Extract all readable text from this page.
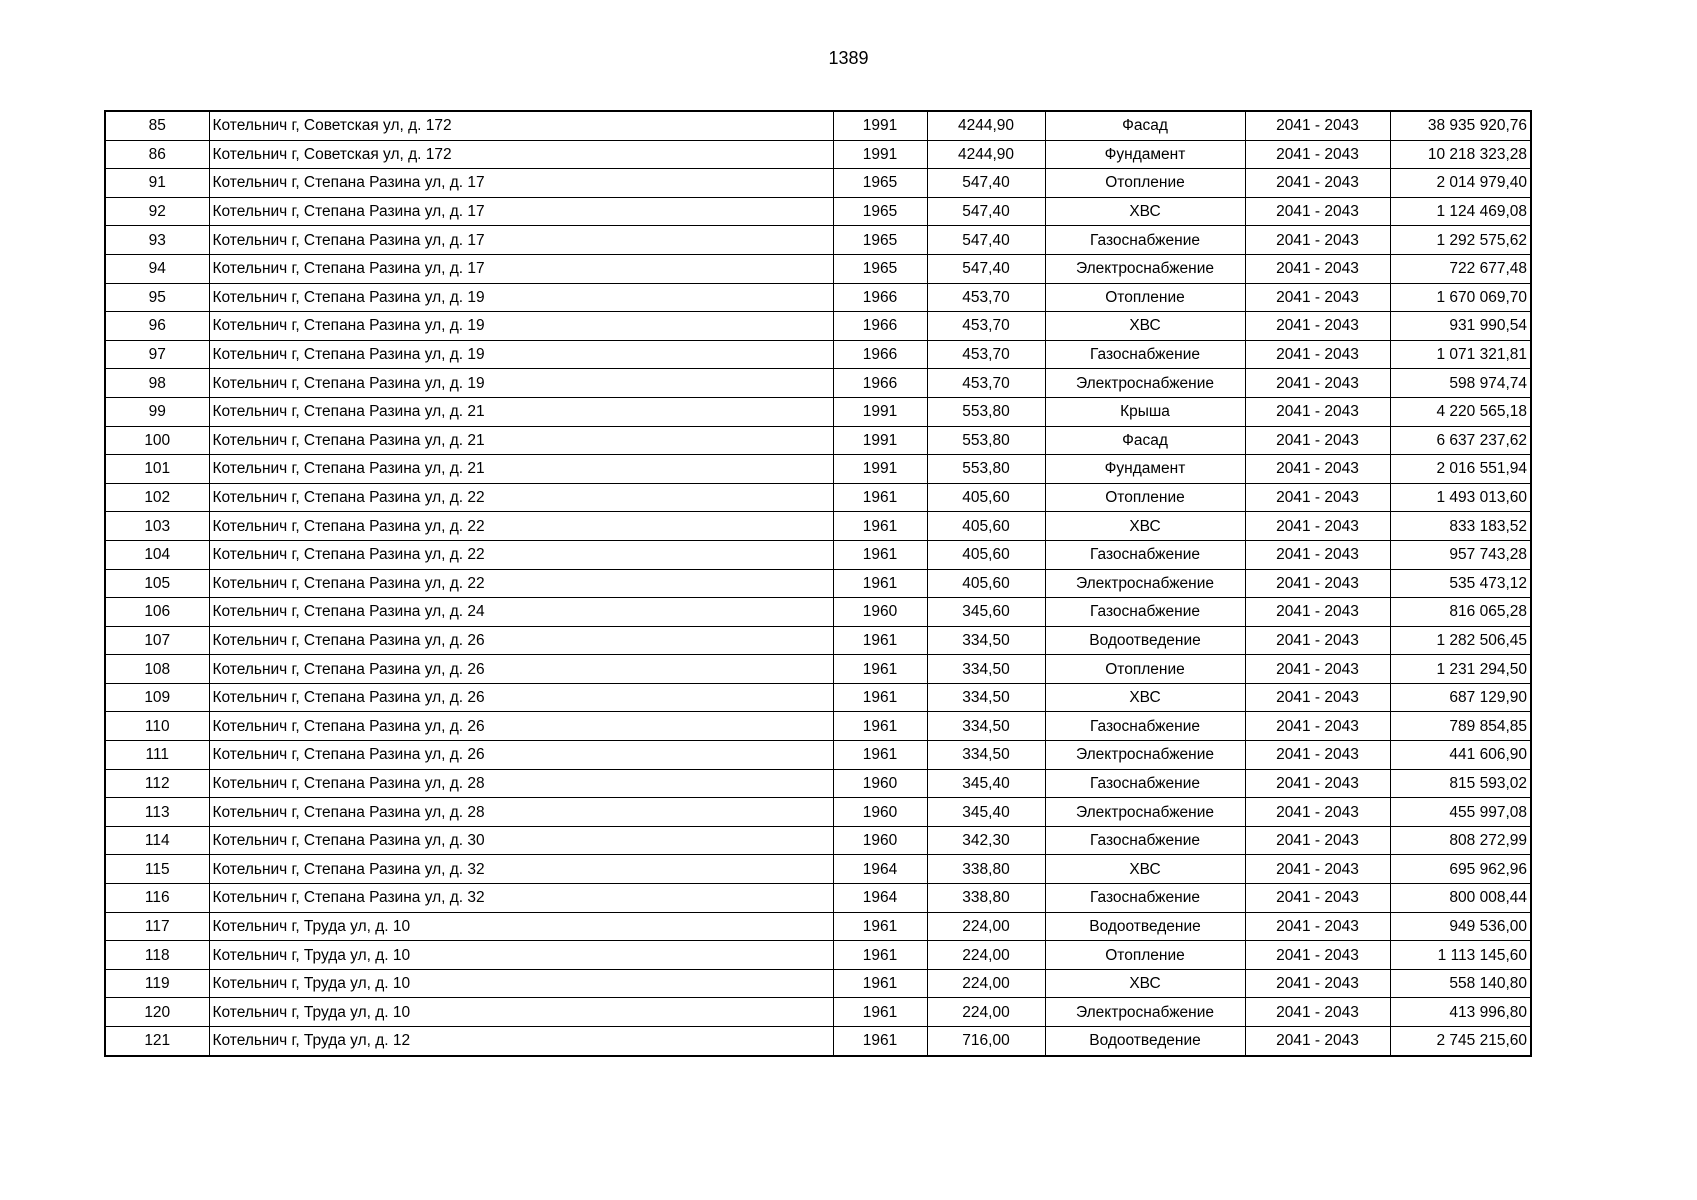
1389
85	Котельнич г, Советская ул, д. 172	1991	4244,90	Фасад	2041 - 2043	38 935 920,76
86	Котельнич г, Советская ул, д. 172	1991	4244,90	Фундамент	2041 - 2043	10 218 323,28
91	Котельнич г, Степана Разина ул, д. 17	1965	547,40	Отопление	2041 - 2043	2 014 979,40
92	Котельнич г, Степана Разина ул, д. 17	1965	547,40	ХВС	2041 - 2043	1 124 469,08
93	Котельнич г, Степана Разина ул, д. 17	1965	547,40	Газоснабжение	2041 - 2043	1 292 575,62
94	Котельнич г, Степана Разина ул, д. 17	1965	547,40	Электроснабжение	2041 - 2043	722 677,48
95	Котельнич г, Степана Разина ул, д. 19	1966	453,70	Отопление	2041 - 2043	1 670 069,70
96	Котельнич г, Степана Разина ул, д. 19	1966	453,70	ХВС	2041 - 2043	931 990,54
97	Котельнич г, Степана Разина ул, д. 19	1966	453,70	Газоснабжение	2041 - 2043	1 071 321,81
98	Котельнич г, Степана Разина ул, д. 19	1966	453,70	Электроснабжение	2041 - 2043	598 974,74
99	Котельнич г, Степана Разина ул, д. 21	1991	553,80	Крыша	2041 - 2043	4 220 565,18
100	Котельнич г, Степана Разина ул, д. 21	1991	553,80	Фасад	2041 - 2043	6 637 237,62
101	Котельнич г, Степана Разина ул, д. 21	1991	553,80	Фундамент	2041 - 2043	2 016 551,94
102	Котельнич г, Степана Разина ул, д. 22	1961	405,60	Отопление	2041 - 2043	1 493 013,60
103	Котельнич г, Степана Разина ул, д. 22	1961	405,60	ХВС	2041 - 2043	833 183,52
104	Котельнич г, Степана Разина ул, д. 22	1961	405,60	Газоснабжение	2041 - 2043	957 743,28
105	Котельнич г, Степана Разина ул, д. 22	1961	405,60	Электроснабжение	2041 - 2043	535 473,12
106	Котельнич г, Степана Разина ул, д. 24	1960	345,60	Газоснабжение	2041 - 2043	816 065,28
107	Котельнич г, Степана Разина ул, д. 26	1961	334,50	Водоотведение	2041 - 2043	1 282 506,45
108	Котельнич г, Степана Разина ул, д. 26	1961	334,50	Отопление	2041 - 2043	1 231 294,50
109	Котельнич г, Степана Разина ул, д. 26	1961	334,50	ХВС	2041 - 2043	687 129,90
110	Котельнич г, Степана Разина ул, д. 26	1961	334,50	Газоснабжение	2041 - 2043	789 854,85
111	Котельнич г, Степана Разина ул, д. 26	1961	334,50	Электроснабжение	2041 - 2043	441 606,90
112	Котельнич г, Степана Разина ул, д. 28	1960	345,40	Газоснабжение	2041 - 2043	815 593,02
113	Котельнич г, Степана Разина ул, д. 28	1960	345,40	Электроснабжение	2041 - 2043	455 997,08
114	Котельнич г, Степана Разина ул, д. 30	1960	342,30	Газоснабжение	2041 - 2043	808 272,99
115	Котельнич г, Степана Разина ул, д. 32	1964	338,80	ХВС	2041 - 2043	695 962,96
116	Котельнич г, Степана Разина ул, д. 32	1964	338,80	Газоснабжение	2041 - 2043	800 008,44
117	Котельнич г, Труда ул, д. 10	1961	224,00	Водоотведение	2041 - 2043	949 536,00
118	Котельнич г, Труда ул, д. 10	1961	224,00	Отопление	2041 - 2043	1 113 145,60
119	Котельнич г, Труда ул, д. 10	1961	224,00	ХВС	2041 - 2043	558 140,80
120	Котельнич г, Труда ул, д. 10	1961	224,00	Электроснабжение	2041 - 2043	413 996,80
121	Котельнич г, Труда ул, д. 12	1961	716,00	Водоотведение	2041 - 2043	2 745 215,60
